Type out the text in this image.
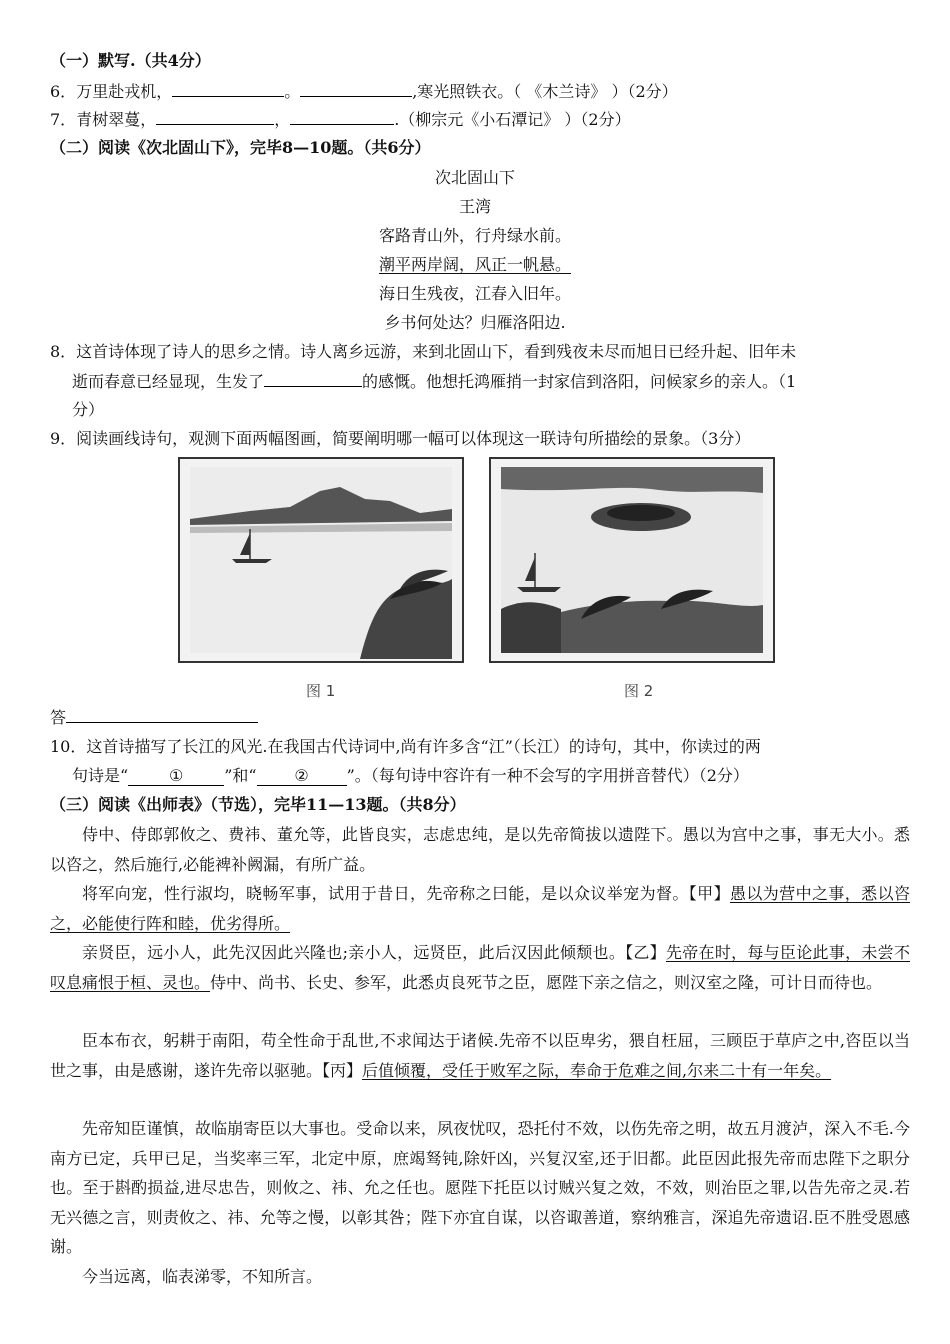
（一）默写.（共4分）
6．万里赴戎机，	。	,寒光照铁衣。（ 《木兰诗》 ）（2分）
7．青树翠蔓，	，	.（柳宗元《小石潭记》 ）（2分）
（二）阅读《次北固山下》，完毕8—10题。（共6分）
次北固山下
王湾
客路青山外，行舟绿水前。
潮平两岸阔，风正一帆悬。
海日生残夜，江春入旧年。
乡书何处达？归雁洛阳边.
8．这首诗体现了诗人的思乡之情。诗人离乡远游，来到北固山下，看到残夜未尽而旭日已经升起、旧年未
逝而春意已经显现，生发了	的感慨。他想托鸿雁捎一封家信到洛阳，问候家乡的亲人。（1
分）
9．阅读画线诗句，观测下面两幅图画，简要阐明哪一幅可以体现这一联诗句所描绘的景象。（3分）
图 1	图 2
答
10．这首诗描写了长江的风光.在我国古代诗词中,尚有许多含“江”（长江）的诗句，其中，你读过的两
句诗是“	①	”和“ ② ”。（每句诗中容许有一种不会写的字用拼音替代）（2分）
（三）阅读《出师表》（节选），完毕11—13题。（共8分）
侍中、侍郎郭攸之、费祎、董允等，此皆良实，志虑忠纯，是以先帝简拔以遗陛下。愚以为宫中之事，事无大小。悉以咨之，然后施行,必能裨补阙漏，有所广益。
将军向宠，性行淑均，晓畅军事，试用于昔日，先帝称之曰能，是以众议举宠为督。【甲】愚以为营中之事，悉以咨之，必能使行阵和睦，优劣得所。
亲贤臣，远小人，此先汉因此兴隆也;亲小人，远贤臣，此后汉因此倾颓也。【乙】先帝在时，每与臣论此事，未尝不叹息痛恨于桓、灵也。侍中、尚书、长史、参军，此悉贞良死节之臣，愿陛下亲之信之，则汉室之隆，可计日而待也。
臣本布衣，躬耕于南阳，苟全性命于乱世,不求闻达于诸候.先帝不以臣卑劣，猥自枉屈，三顾臣于草庐之中,咨臣以当世之事，由是感谢，遂许先帝以驱驰。【丙】后值倾覆，受任于败军之际，奉命于危难之间,尔来二十有一年矣。
先帝知臣谨慎，故临崩寄臣以大事也。受命以来，夙夜忧叹，恐托付不效，以伤先帝之明，故五月渡泸，深入不毛.今南方已定，兵甲已足，当奖率三军，北定中原，庶竭驽钝,除奸凶，兴复汉室,还于旧都。此臣因此报先帝而忠陛下之职分也。至于斟酌损益,进尽忠告，则攸之、祎、允之任也。愿陛下托臣以讨贼兴复之效，不效，则治臣之罪,以告先帝之灵.若无兴德之言，则责攸之、祎、允等之慢，以彰其咎；陛下亦宜自谋，以咨诹善道，察纳雅言，深追先帝遗诏.臣不胜受恩感谢。
今当远离，临表涕零，不知所言。
